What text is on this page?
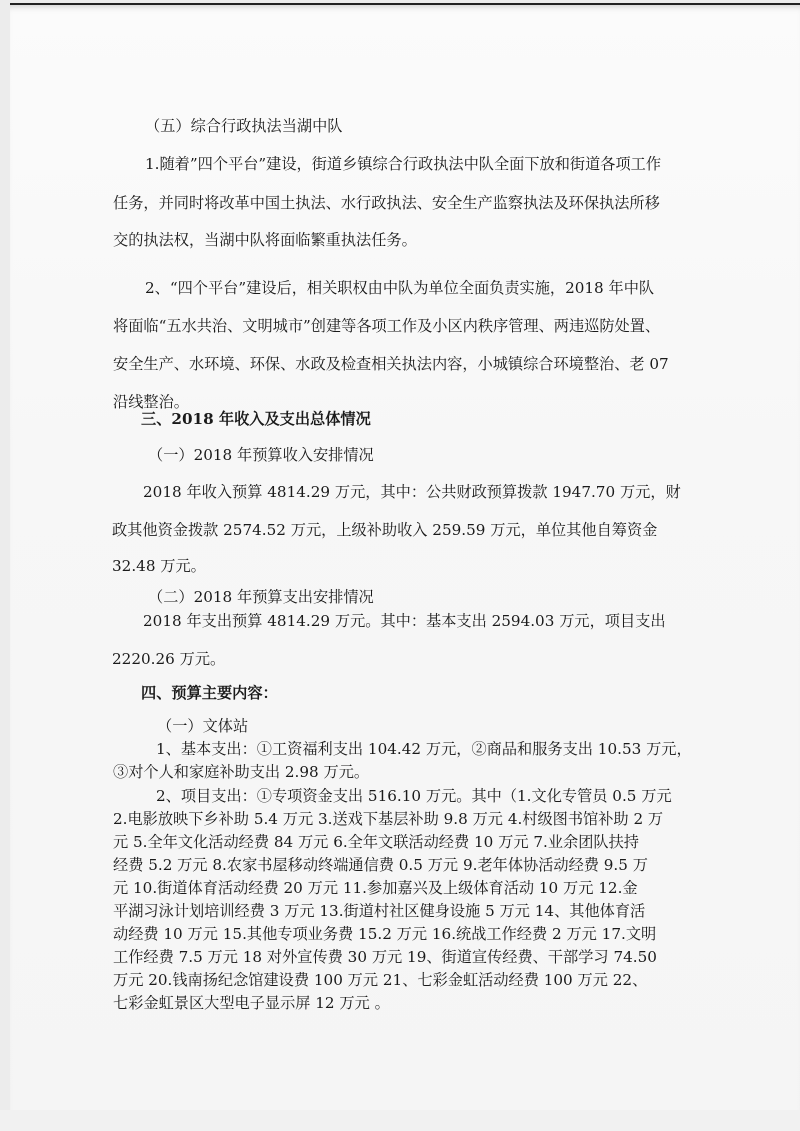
（五）综合行政执法当湖中队
1.随着”四个平台”建设，街道乡镇综合行政执法中队全面下放和街道各项工作
任务，并同时将改革中国土执法、水行政执法、安全生产监察执法及环保执法所移
交的执法权，当湖中队将面临繁重执法任务。
2、“四个平台”建设后，相关职权由中队为单位全面负责实施，2018 年中队
将面临“五水共治、文明城市”创建等各项工作及小区内秩序管理、两违巡防处置、
安全生产、水环境、环保、水政及检查相关执法内容，小城镇综合环境整治、老 07
沿线整治。
三、2018 年收入及支出总体情况
（一）2018 年预算收入安排情况
2018 年收入预算 4814.29 万元，其中：公共财政预算拨款 1947.70 万元，财
政其他资金拨款 2574.52 万元，上级补助收入 259.59 万元，单位其他自筹资金
32.48 万元。
（二）2018 年预算支出安排情况
2018 年支出预算 4814.29 万元。其中：基本支出 2594.03 万元，项目支出
2220.26 万元。
四、预算主要内容：
（一）文体站
1、基本支出：①工资福利支出 104.42 万元，②商品和服务支出 10.53 万元，
③对个人和家庭补助支出 2.98 万元。
2、项目支出：①专项资金支出 516.10 万元。其中（1.文化专管员 0.5 万元
2.电影放映下乡补助 5.4 万元 3.送戏下基层补助 9.8 万元 4.村级图书馆补助 2 万
元 5.全年文化活动经费 84 万元 6.全年文联活动经费 10 万元 7.业余团队扶持
经费 5.2 万元 8.农家书屋移动终端通信费 0.5 万元 9.老年体协活动经费 9.5 万
元 10.街道体育活动经费 20 万元 11.参加嘉兴及上级体育活动 10 万元 12.金
平湖习泳计划培训经费 3 万元 13.街道村社区健身设施 5 万元 14、其他体育活
动经费 10 万元 15.其他专项业务费 15.2 万元 16.统战工作经费 2 万元 17.文明
工作经费 7.5 万元 18 对外宣传费 30 万元 19、街道宣传经费、干部学习 74.50
万元 20.钱南扬纪念馆建设费 100 万元 21、七彩金虹活动经费 100 万元 22、
七彩金虹景区大型电子显示屏 12 万元 。
